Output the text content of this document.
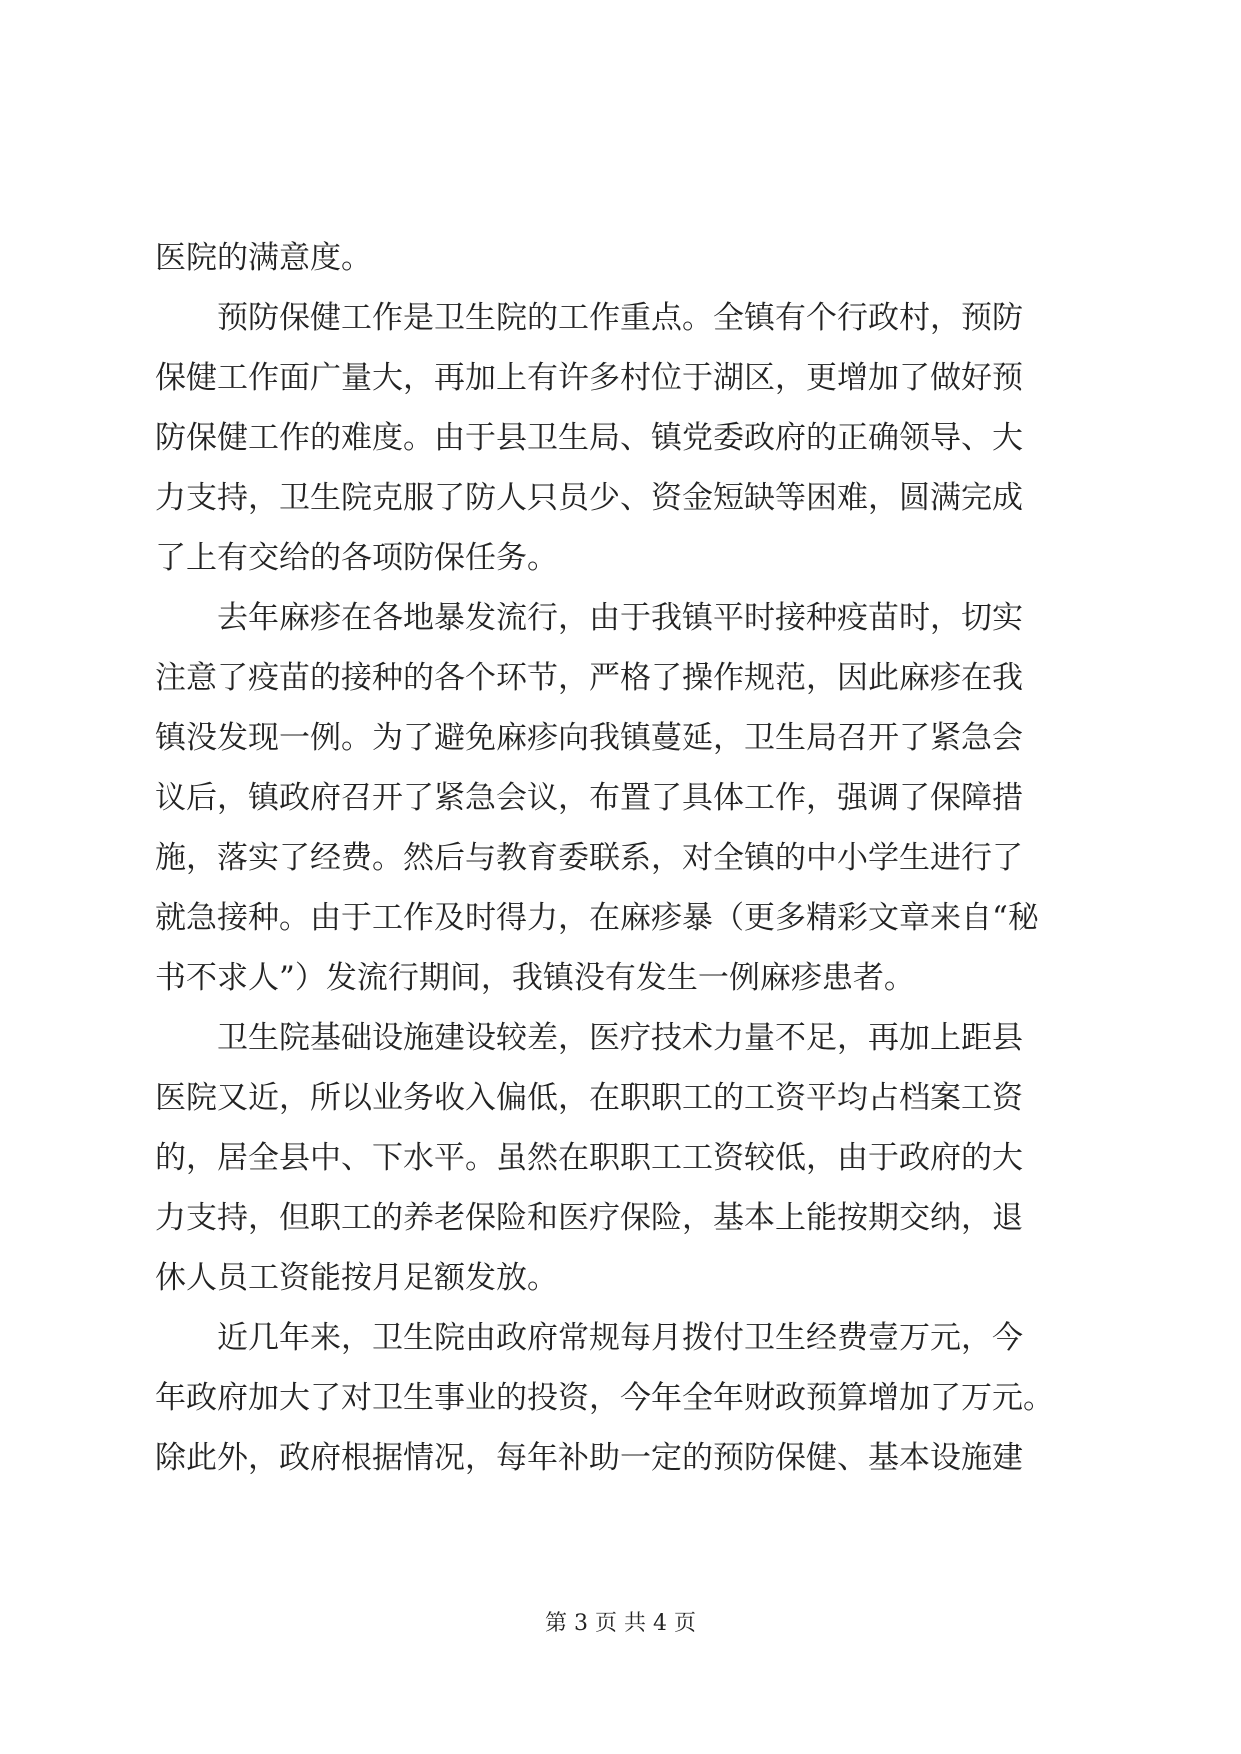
医院的满意度。
预防保健工作是卫生院的工作重点。全镇有个行政村，预防
保健工作面广量大，再加上有许多村位于湖区，更增加了做好预
防保健工作的难度。由于县卫生局、镇党委政府的正确领导、大
力支持，卫生院克服了防人只员少、资金短缺等困难，圆满完成
了上有交给的各项防保任务。
去年麻疹在各地暴发流行，由于我镇平时接种疫苗时，切实
注意了疫苗的接种的各个环节，严格了操作规范，因此麻疹在我
镇没发现一例。为了避免麻疹向我镇蔓延，卫生局召开了紧急会
议后，镇政府召开了紧急会议，布置了具体工作，强调了保障措
施，落实了经费。然后与教育委联系，对全镇的中小学生进行了
就急接种。由于工作及时得力，在麻疹暴（更多精彩文章来自“秘
书不求人”）发流行期间，我镇没有发生一例麻疹患者。
卫生院基础设施建设较差，医疗技术力量不足，再加上距县
医院又近，所以业务收入偏低，在职职工的工资平均占档案工资
的，居全县中、下水平。虽然在职职工工资较低，由于政府的大
力支持，但职工的养老保险和医疗保险，基本上能按期交纳，退
休人员工资能按月足额发放。
近几年来，卫生院由政府常规每月拨付卫生经费壹万元，今
年政府加大了对卫生事业的投资，今年全年财政预算增加了万元。
除此外，政府根据情况，每年补助一定的预防保健、基本设施建
第 3 页 共 4 页
